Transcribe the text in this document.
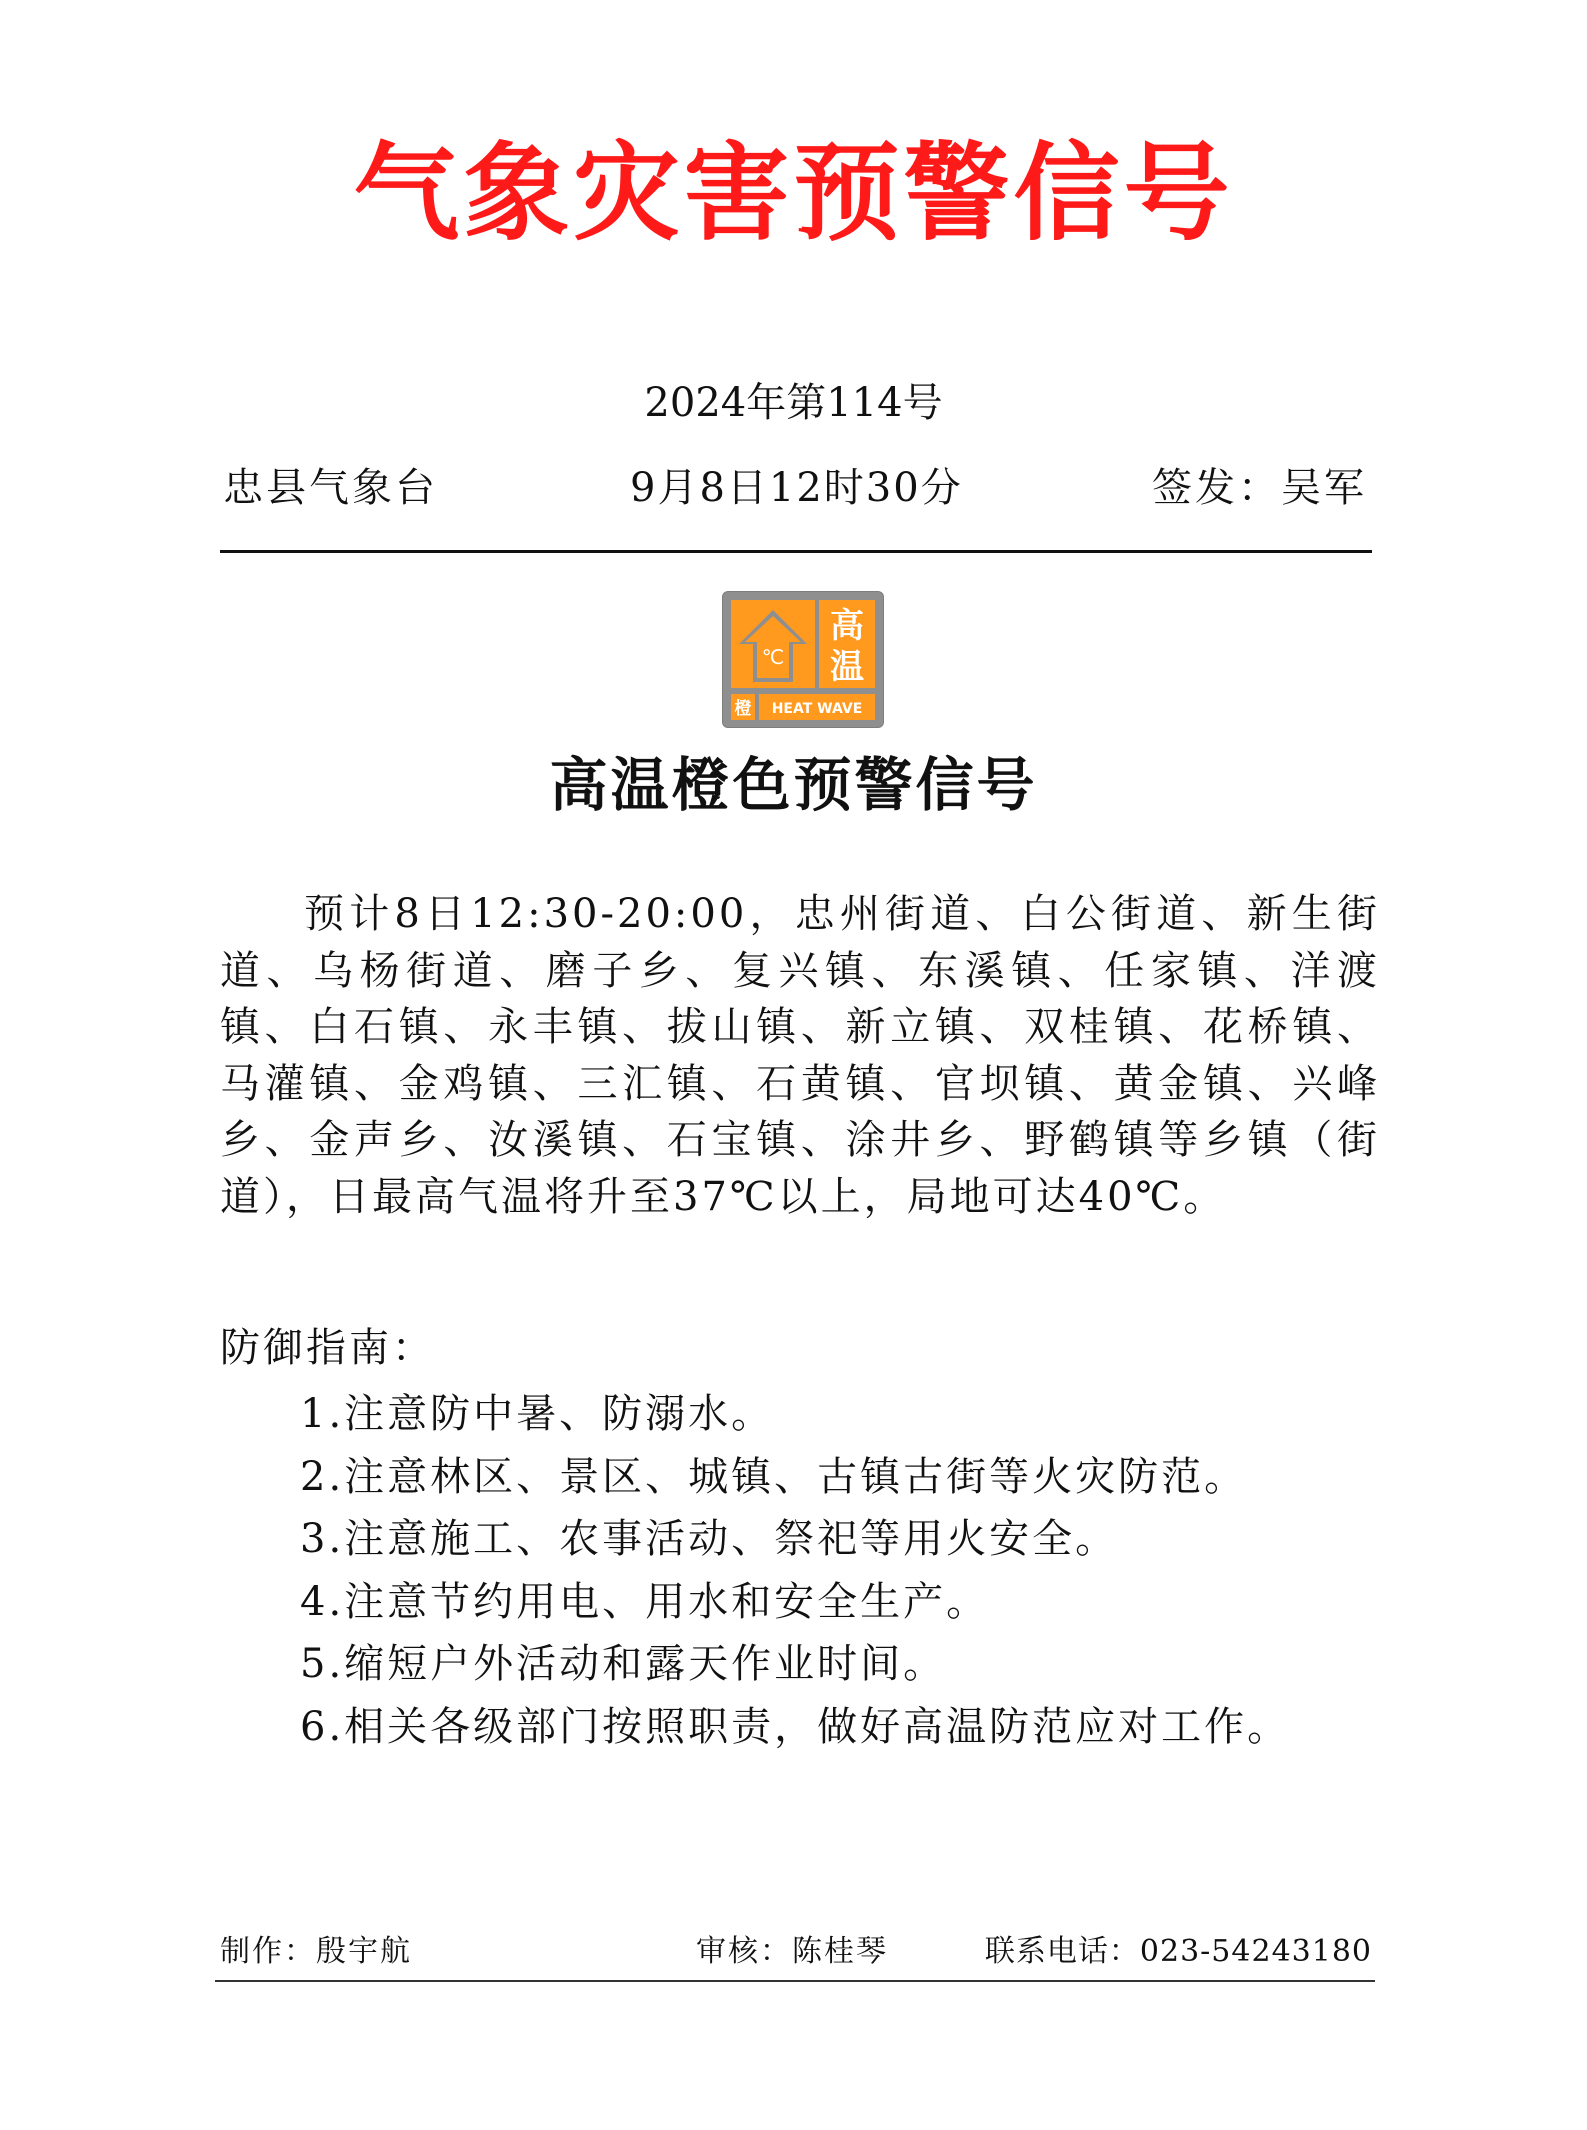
气象灾害预警信号
2024年第114号
忠县气象台	9月8日12时30分	签发：吴军
℃
高
温
橙 HEAT WAVE
高温橙色预警信号

预计8日12:30-20:00，忠州街道、白公街道、新生街道、乌杨街道、磨子乡、复兴镇、东溪镇、任家镇、洋渡镇、白石镇、永丰镇、拔山镇、新立镇、双桂镇、花桥镇、马灌镇、金鸡镇、三汇镇、石黄镇、官坝镇、黄金镇、兴峰乡、金声乡、汝溪镇、石宝镇、涂井乡、野鹤镇等乡镇（街道），日最高气温将升至37℃以上，局地可达40℃。

防御指南：
1.注意防中暑、防溺水。
2.注意林区、景区、城镇、古镇古街等火灾防范。
3.注意施工、农事活动、祭祀等用火安全。
4.注意节约用电、用水和安全生产。
5.缩短户外活动和露天作业时间。
6.相关各级部门按照职责，做好高温防范应对工作。
制作：殷宇航	审核：陈桂琴	联系电话：023-54243180
